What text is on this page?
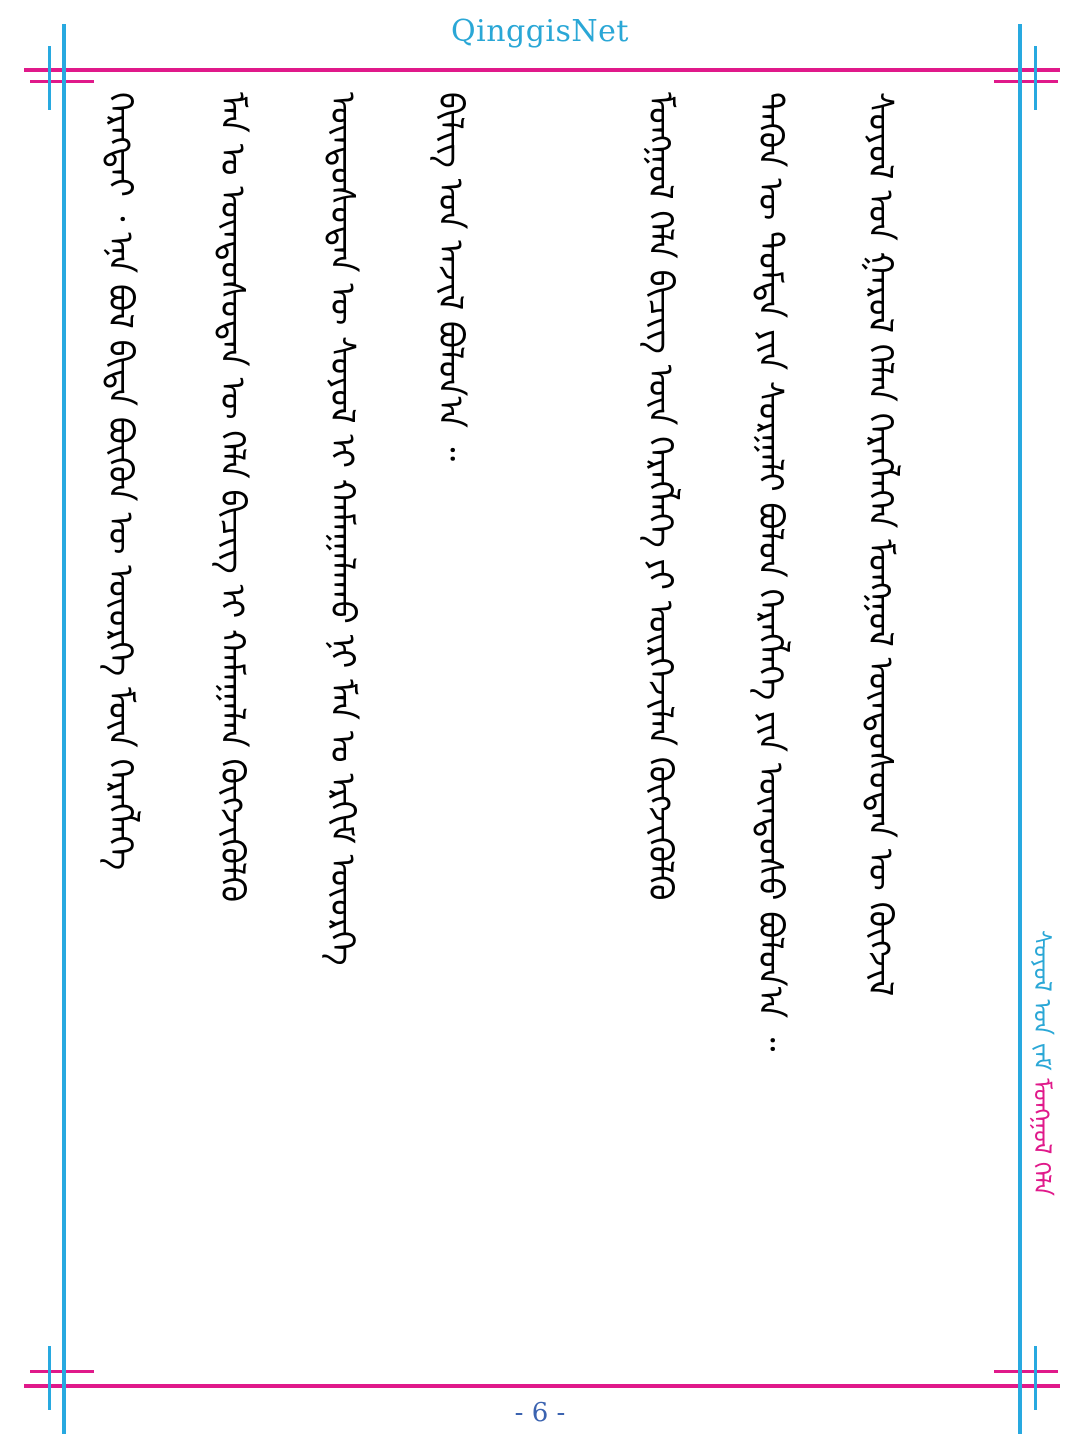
QinggisNet
ᠰᠣᠶᠣᠯ ᠤᠨ ᠵᠠᠮ ᠮᠣᠩᠭᠣᠯ ᠬᠡᠯᠡ
ᠬᠡᠷᠡᠭᠲᠡᠢ ᠂ ᠡᠨᠡ ᠪᠣᠯ ᠪᠢᠳᠡ ᠪᠦᠬᠦᠨ ᠦ ᠦᠦᠷᠭᠡ ᠮᠥᠨ ᠬᠡᠷᠡᠭᠯᠡᠭᠡ ᠮᠠᠨ ᠤ ᠦᠨᠳᠦᠰᠦᠲᠡᠨ ᠦ ᠬᠡᠯᠡ ᠪᠢᠴᠢᠭ ᠢ ᠬᠠᠮᠠᠭᠠᠯᠠᠨ ᠬᠥᠭᠵᠢᠭᠦᠯᠬᠦ ᠦᠨᠳᠦᠰᠦᠲᠡᠨ ᠦ ᠰᠣᠶᠣᠯ ᠢ ᠬᠠᠮᠠᠭᠠᠯᠠᠬᠤ ᠨᠢ ᠮᠠᠨ ᠤ ᠡᠷᠬᠢᠮ ᠦᠦᠷᠭᠡ ᠪᠢᠯᠢᠭ ᠤᠨ ᠠᠵᠢᠯ ᠪᠣᠯᠤᠨ᠎ᠠ ᠃	ᠮᠣᠩᠭᠣᠯ ᠬᠡᠯᠡ ᠪᠢᠴᠢᠭ ᠦᠨ ᠬᠡᠷᠡᠭᠯᠡᠭᠡ ᠶᠢ ᠦᠷᠭᠡᠵᠢᠯᠡᠨ ᠬᠥᠭᠵᠢᠭᠦᠯᠬᠦ ᠲᠡᠭᠦᠨ ᠦ ᠳᠤᠮᠳᠠ ᠶᠢᠨ ᠰᠤᠷᠭᠠᠯᠢ ᠪᠣᠯᠣᠨ ᠬᠡᠷᠡᠭᠯᠡᠭᠡ ᠶᠢᠨ ᠦᠨᠳᠦᠰᠦ ᠪᠣᠯᠤᠨ᠎ᠠ ᠃ ᠰᠣᠶᠣᠯ ᠤᠨ ᠭᠠᠷᠤᠯ ᠬᠡᠯᠡᠨ ᠬᠡᠷᠡᠭᠯᠡᠭᠡᠨ ᠮᠣᠩᠭᠣᠯ ᠦᠨᠳᠦᠰᠦᠲᠡᠨ ᠦ ᠬᠥᠭᠵᠢᠯ
- 6 -
